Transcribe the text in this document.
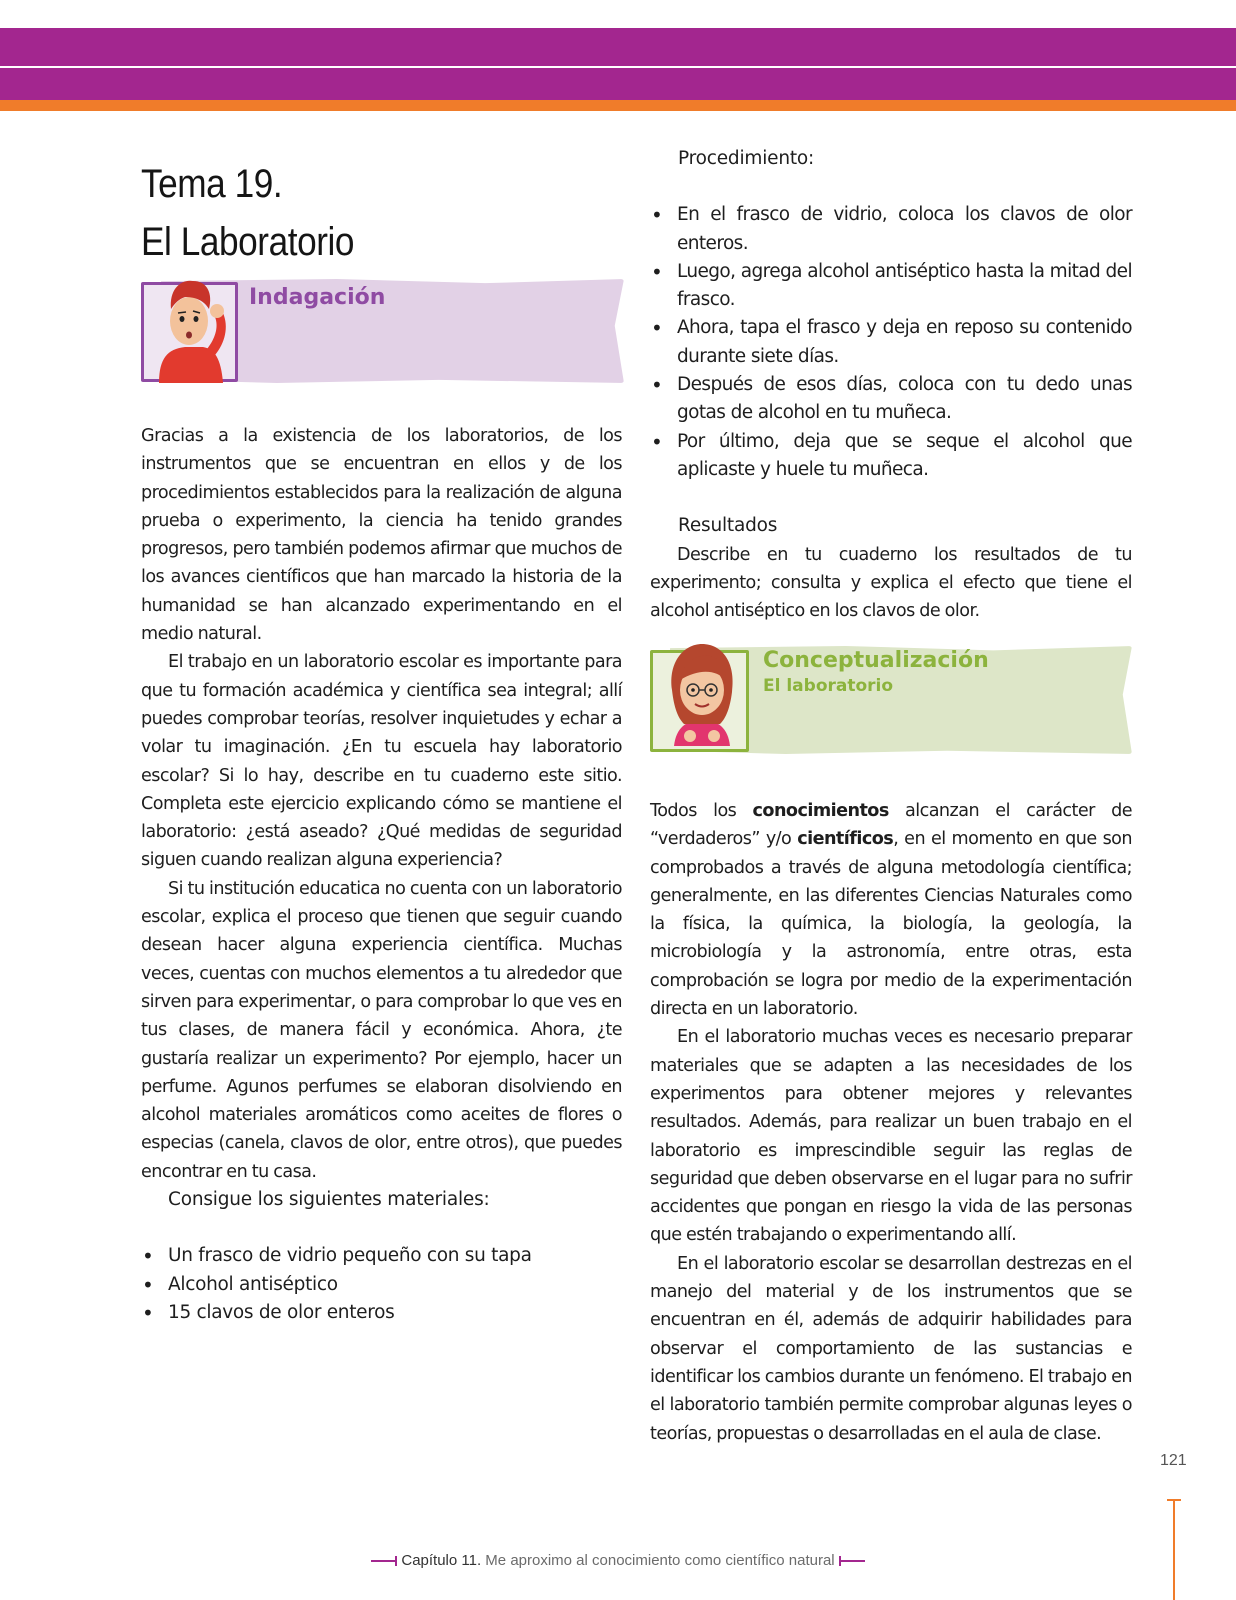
Tema 19.
El Laboratorio

Indagación

Gracias a la existencia de los laboratorios, de los instrumentos que se encuentran en ellos y de los procedimientos establecidos para la realización de alguna prueba o experimento, la ciencia ha tenido grandes progresos, pero también podemos afirmar que muchos de los avances científicos que han marcado la historia de la humanidad se han alcanzado experimentando en el medio natural.

El trabajo en un laboratorio escolar es importante para que tu formación académica y científica sea integral; allí puedes comprobar teorías, resolver inquietudes y echar a volar tu imaginación. ¿En tu escuela hay laboratorio escolar? Si lo hay, describe en tu cuaderno este sitio. Completa este ejercicio explicando cómo se mantiene el laboratorio: ¿está aseado? ¿Qué medidas de seguridad siguen cuando realizan alguna experiencia?

Si tu institución educatica no cuenta con un laboratorio escolar, explica el proceso que tienen que seguir cuando desean hacer alguna experiencia científica. Muchas veces, cuentas con muchos elementos a tu alrededor que sirven para experimentar, o para comprobar lo que ves en tus clases, de manera fácil y económica. Ahora, ¿te gustaría realizar un experimento? Por ejemplo, hacer un perfume. Agunos perfumes se elaboran disolviendo en alcohol materiales aromáticos como aceites de flores o especias (canela, clavos de olor, entre otros), que puedes encontrar en tu casa.

Consigue los siguientes materiales:

• Un frasco de vidrio pequeño con su tapa
• Alcohol antiséptico
• 15 clavos de olor enteros

Procedimiento:

• En el frasco de vidrio, coloca los clavos de olor enteros.
• Luego, agrega alcohol antiséptico hasta la mitad del frasco.
• Ahora, tapa el frasco y deja en reposo su contenido durante siete días.
• Después de esos días, coloca con tu dedo unas gotas de alcohol en tu muñeca.
• Por último, deja que se seque el alcohol que aplicaste y huele tu muñeca.

Resultados

Describe en tu cuaderno los resultados de tu experimento; consulta y explica el efecto que tiene el alcohol antiséptico en los clavos de olor.

Conceptualización

El laboratorio

Todos los conocimientos alcanzan el carácter de “verdaderos” y/o científicos, en el momento en que son comprobados a través de alguna metodología científica; generalmente, en las diferentes Ciencias Naturales como la física, la química, la biología, la geología, la microbiología y la astronomía, entre otras, esta comprobación se logra por medio de la experimentación directa en un laboratorio.

En el laboratorio muchas veces es necesario preparar materiales que se adapten a las necesidades de los experimentos para obtener mejores y relevantes resultados. Además, para realizar un buen trabajo en el laboratorio es imprescindible seguir las reglas de seguridad que deben observarse en el lugar para no sufrir accidentes que pongan en riesgo la vida de las personas que estén trabajando o experimentando allí.

En el laboratorio escolar se desarrollan destrezas en el manejo del material y de los instrumentos que se encuentran en él, además de adquirir habilidades para observar el comportamiento de las sustancias e identificar los cambios durante un fenómeno. El trabajo en el laboratorio también permite comprobar algunas leyes o teorías, propuestas o desarrolladas en el aula de clase.

121
Capítulo 11. Me aproximo al conocimiento como científico natural
